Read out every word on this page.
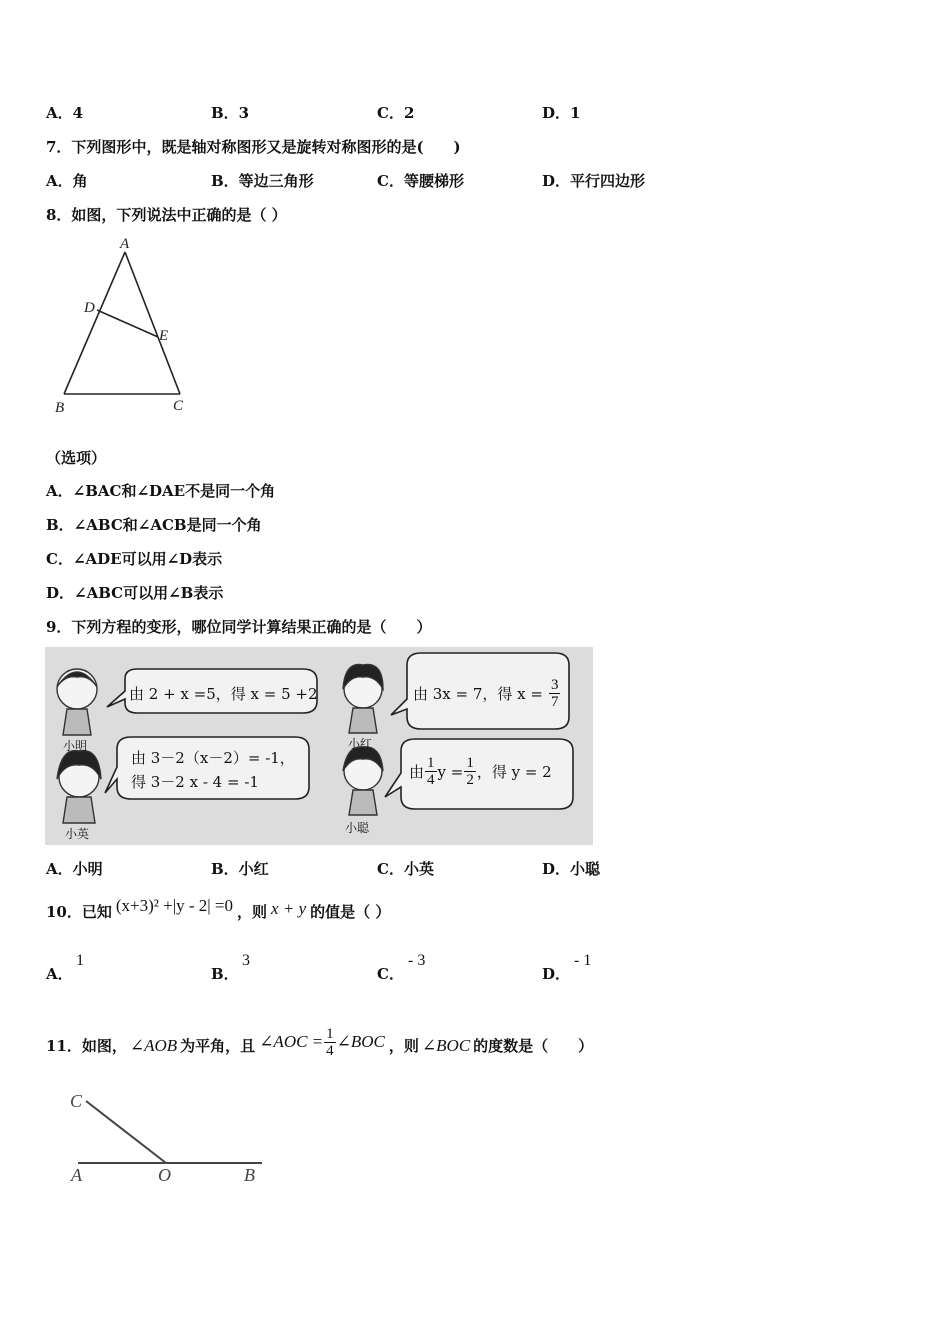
A．4	B．3	C．2	D．1
7．下列图形中，既是轴对称图形又是旋转对称图形的是(　　)
A．角	B．等边三角形	C．等腰梯形	D．平行四边形
8．如图，下列说法中正确的是（ ）
A
D
E
B	C
（选项）
A．∠BAC和∠DAE不是同一个角
B．∠ABC和∠ACB是同一个角
C．∠ADE可以用∠D表示
D．∠ABC可以用∠B表示
9．下列方程的变形，哪位同学计算结果正确的是（　　）
由 2 + x =5，得 x = 5 +2
小明
由 3x = 7，得 $x = \frac{3}{7}$
小红
由 3－2（x－2）= -1，
得 3－2 x - 4 = -1
小英
由 $\frac{1}{4}$ $y = \frac{1}{2}$ ，得 y = 2
小聪
A．小明	B．小红	C．小英	D．小聪
10．已知 (x+3)² +|y - 2| =0 ，则 x + y 的值是（ ）
A．
1
B．
3
C．
- 3
D．
- 1
11．如图， ∠AOB 为平角，且 ∠AOC = $\frac{1}{4}$ ∠BOC ，则 ∠BOC 的度数是（　　）
C
A	O	B
